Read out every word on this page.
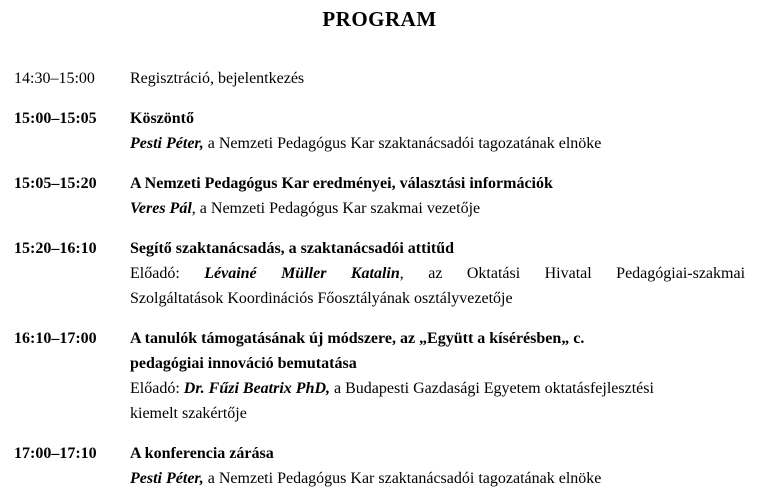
PROGRAM
14:30–15:00	Regisztráció, bejelentkezés
15:00–15:05	Köszöntő
Pesti Péter, a Nemzeti Pedagógus Kar szaktanácsadói tagozatának elnöke
15:05–15:20	A Nemzeti Pedagógus Kar eredményei, választási információk
Veres Pál, a Nemzeti Pedagógus Kar szakmai vezetője
15:20–16:10	Segítő szaktanácsadás, a szaktanácsadói attitűd
Előadó: Lévainé Müller Katalin, az Oktatási Hivatal Pedagógiai-szakmai
Szolgáltatások Koordinációs Főosztályának osztályvezetője
16:10–17:00	A tanulók támogatásának új módszere, az „Együtt a kísérésben„ c.
pedagógiai innováció bemutatása
Előadó: Dr. Fűzi Beatrix PhD, a Budapesti Gazdasági Egyetem oktatásfejlesztési
kiemelt szakértője
17:00–17:10	A konferencia zárása
Pesti Péter, a Nemzeti Pedagógus Kar szaktanácsadói tagozatának elnöke
